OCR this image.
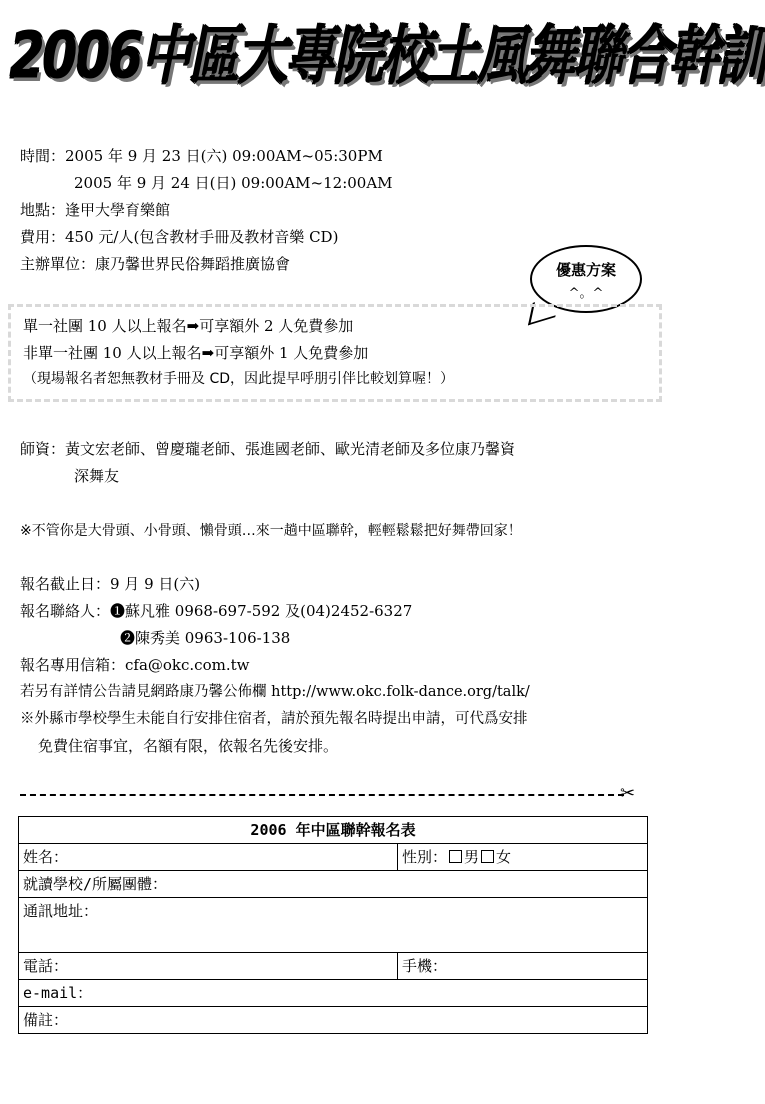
2006中區大專院校土風舞聯合幹訓
時間：2005 年 9 月 23 日(六) 09:00AM~05:30PM
2005 年 9 月 24 日(日) 09:00AM~12:00AM
地點：逢甲大學育樂館
費用：450 元/人(包含教材手冊及教材音樂 CD)
主辦單位：康乃馨世界民俗舞蹈推廣協會	優惠方案
^。^
單一社團 10 人以上報名➡可享額外 2 人免費參加
非單一社團 10 人以上報名➡可享額外 1 人免費參加
（現場報名者恕無教材手冊及 CD，因此提早呼朋引伴比較划算喔！）
師資：黃文宏老師、曾慶瓏老師、張進國老師、歐光清老師及多位康乃馨資
深舞友
※不管你是大骨頭、小骨頭、懶骨頭…來一趟中區聯幹，輕輕鬆鬆把好舞帶回家！
報名截止日：9 月 9 日(六)
報名聯絡人：❶蘇凡雅 0968-697-592 及(04)2452-6327
❷陳秀美 0963-106-138
報名專用信箱：cfa@okc.com.tw
若另有詳情公告請見網路康乃馨公佈欄 http://www.okc.folk-dance.org/talk/
※外縣市學校學生未能自行安排住宿者，請於預先報名時提出申請，可代爲安排
免費住宿事宜，名額有限，依報名先後安排。
✂
2006 年中區聯幹報名表	
姓名：	性別： 男 女
就讀學校/所屬團體：	
通訊地址：	
電話：	手機：
e-mail：	
備註：	
